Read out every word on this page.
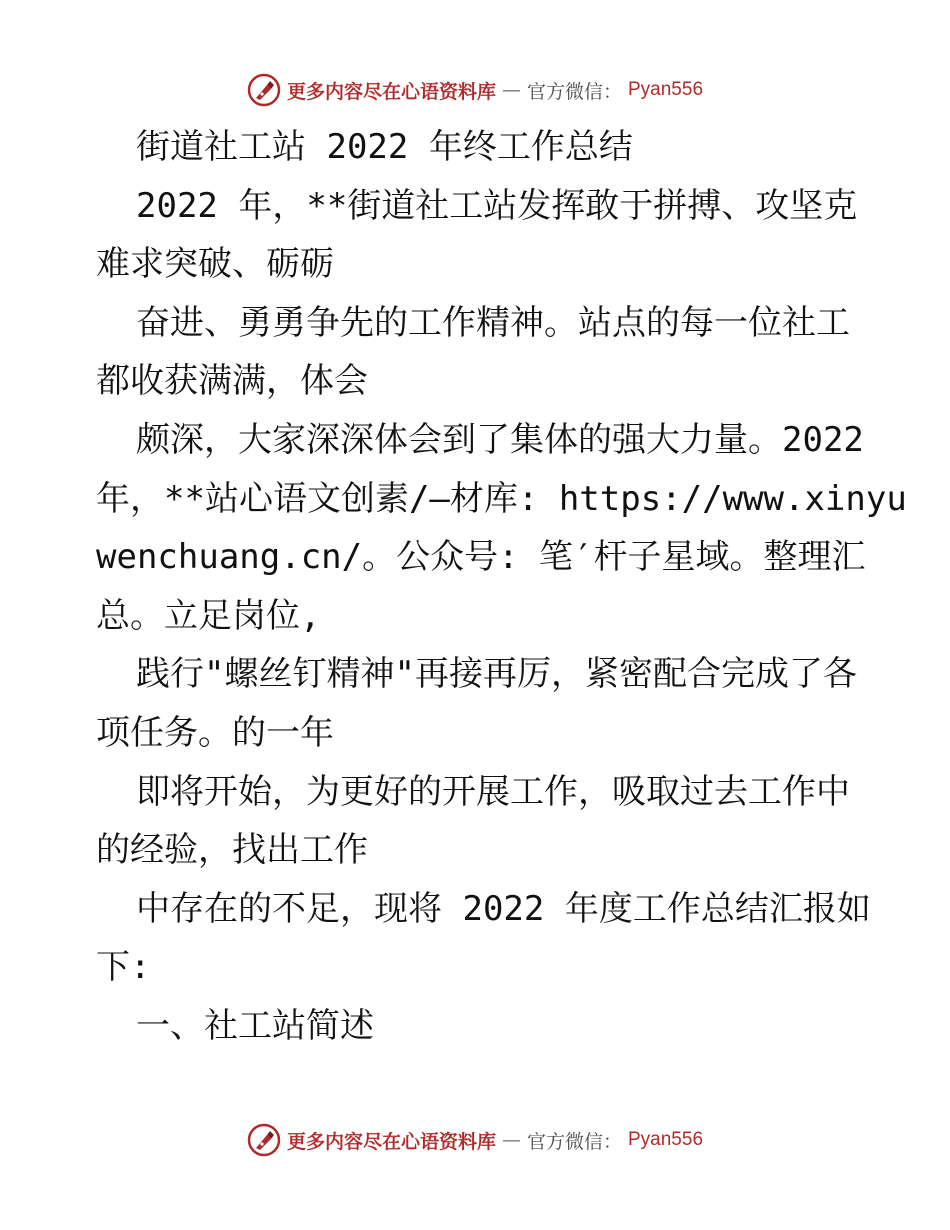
更多内容尽在心语资料库 — 官方微信： Pyan556
街道社工站 2022 年终工作总结
2022 年，**街道社工站发挥敢于拼搏、攻坚克
难求突破、砺砺
奋进、勇勇争先的工作精神。站点的每一位社工
都收获满满，体会
颇深，大家深深体会到了集体的强大力量。2022
年，**站心语文创素/—材库: https://www.xinyu
wenchuang.cn/。公众号: 笔′杆子星域。整理汇
总。立足岗位,
践行"螺丝钉精神"再接再厉，紧密配合完成了各
项任务。的一年
即将开始，为更好的开展工作，吸取过去工作中
的经验，找出工作
中存在的不足，现将 2022 年度工作总结汇报如
下:
一、社工站简述
更多内容尽在心语资料库 — 官方微信： Pyan556
